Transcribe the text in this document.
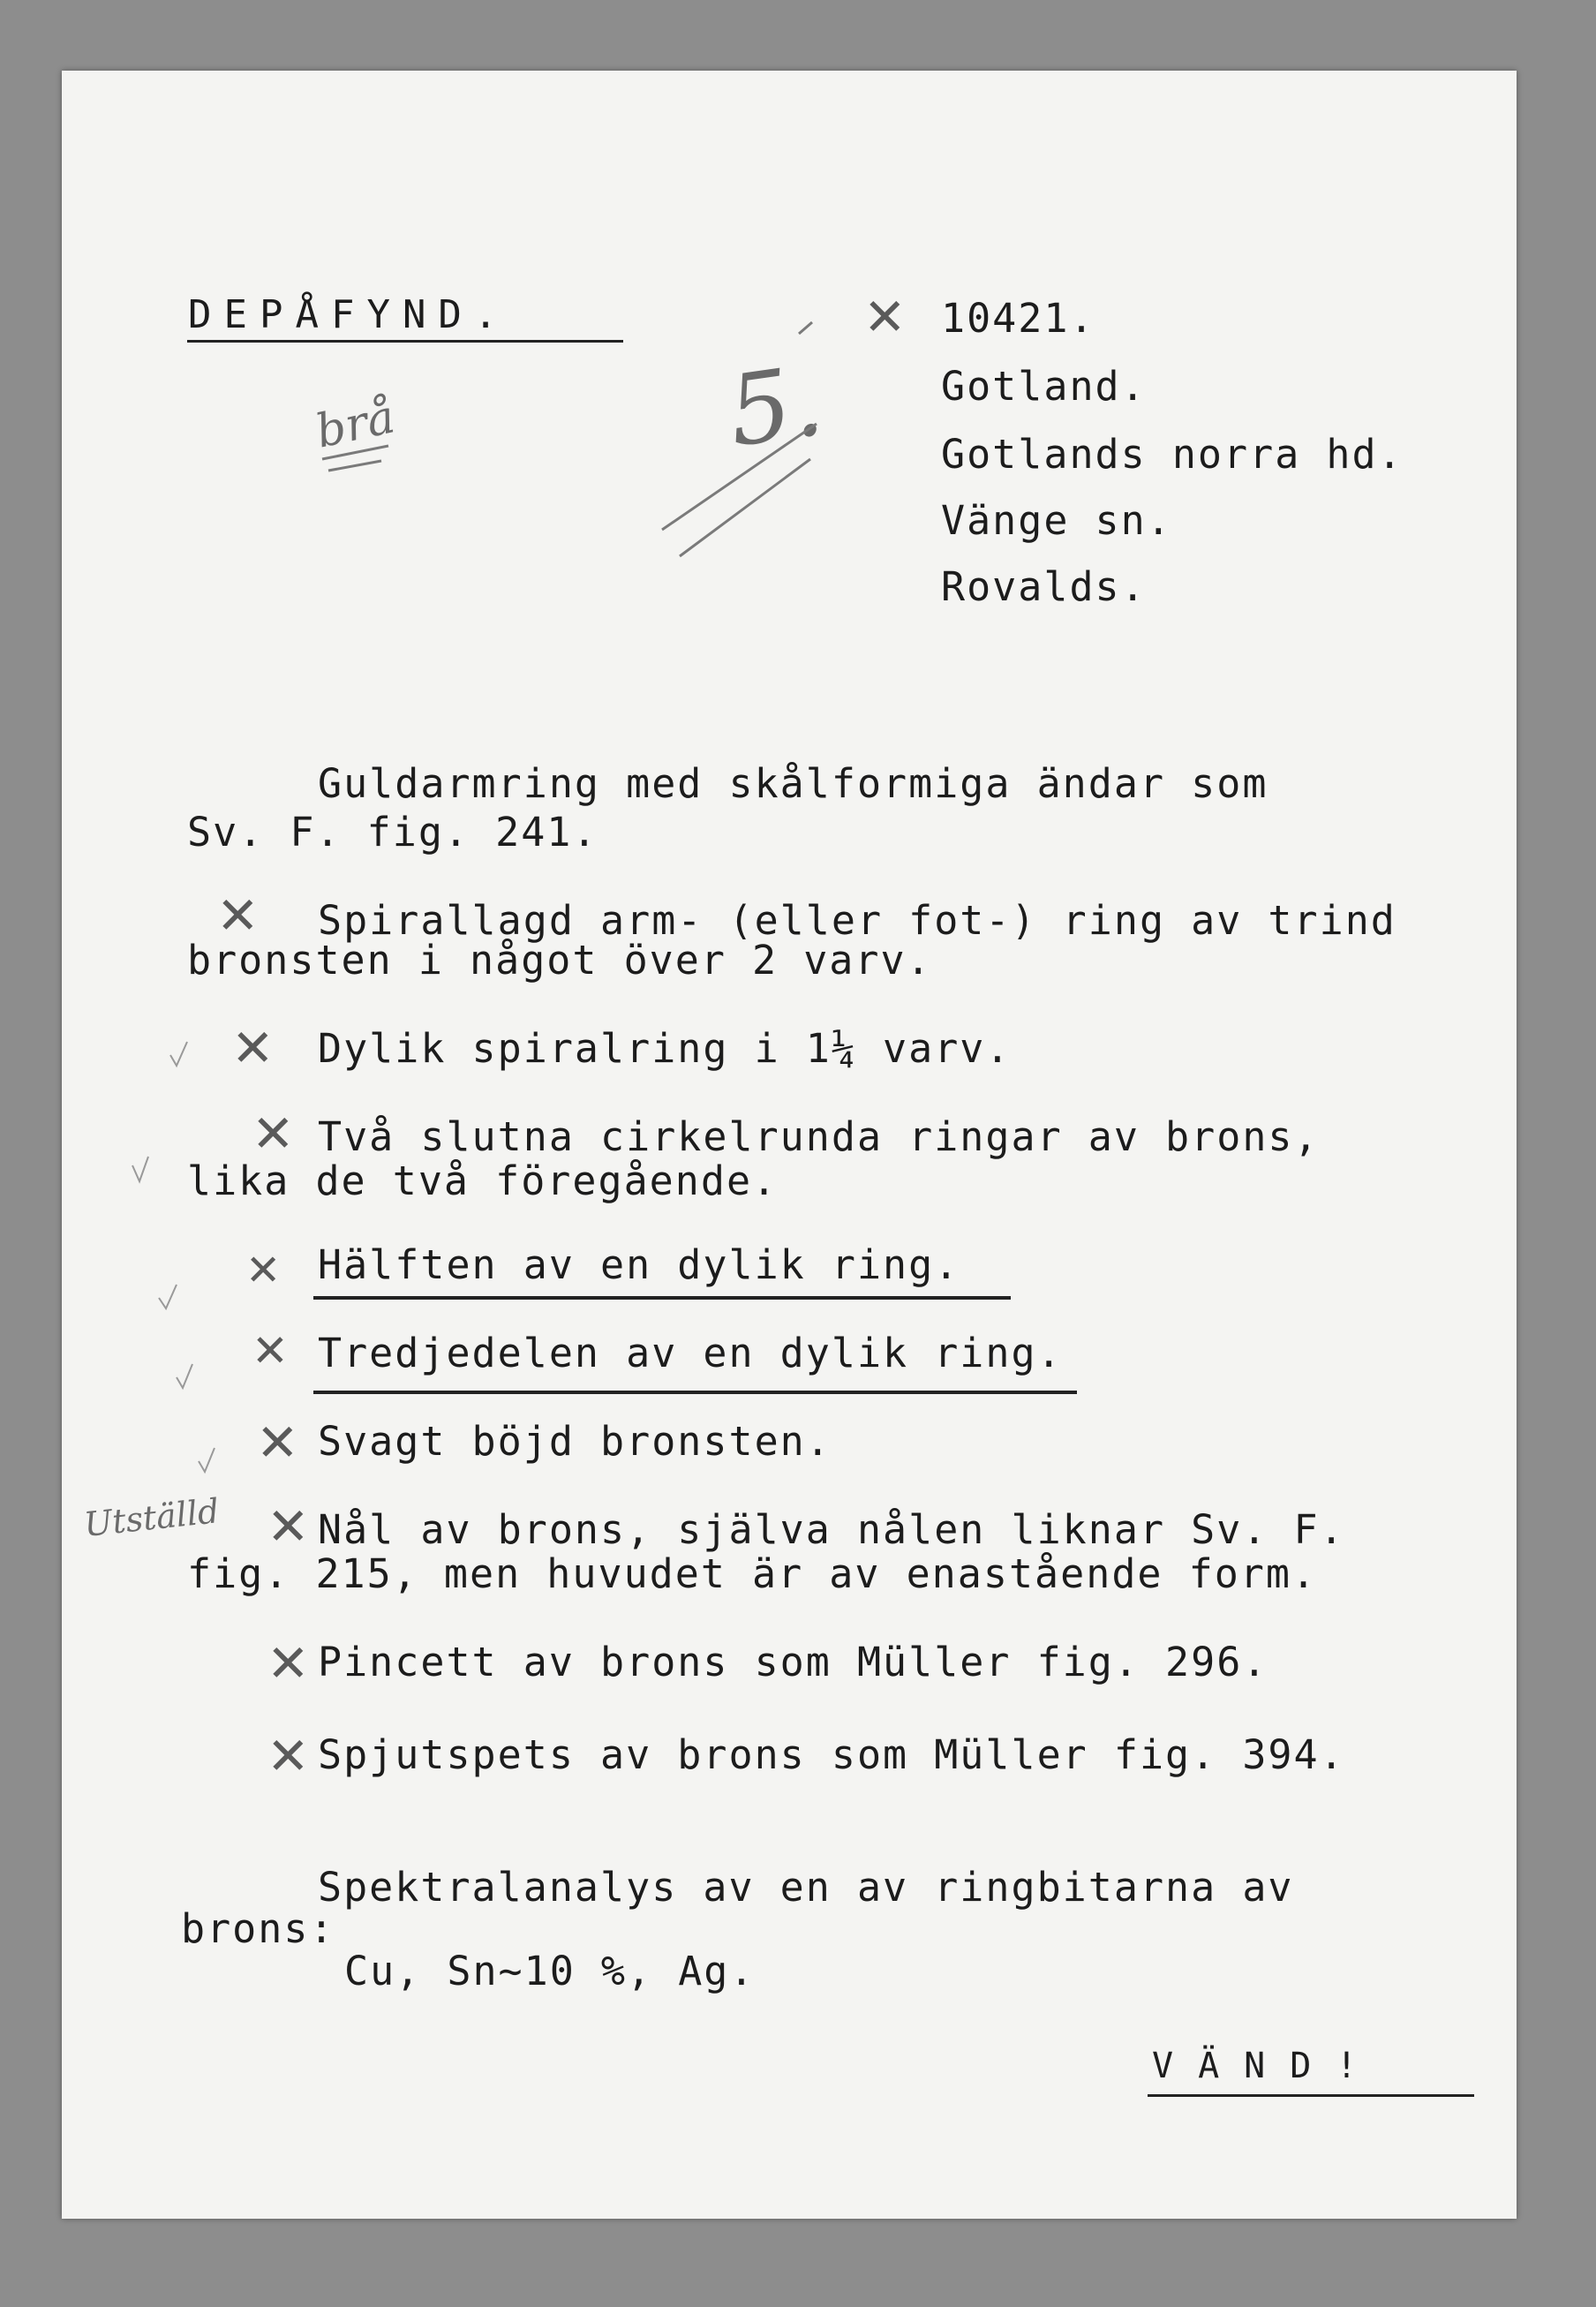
DEPÅFYND.
brå	5.
✕ 10421.
Gotland.
Gotlands norra hd.
Vänge sn.
Rovalds.
Guldarmring med skålformiga ändar som
Sv. F. fig. 241.
✕ Spirallagd arm- (eller fot-) ring av trind
bronsten i något över 2 varv.
✕ Dylik spiralring i 1¼ varv.
✕ Två slutna cirkelrunda ringar av brons,
lika de två föregående.
✕ Hälften av en dylik ring.
✕ Tredjedelen av en dylik ring.
✕ Svagt böjd bronsten.
Utställd ✕ Nål av brons, själva nålen liknar Sv. F.
fig. 215, men huvudet är av enastående form.
✕ Pincett av brons som Müller fig. 296.
✕ Spjutspets av brons som Müller fig. 394.
Spektralanalys av en av ringbitarna av
brons:
Cu, Sn∼10 %, Ag.
VÄND!
